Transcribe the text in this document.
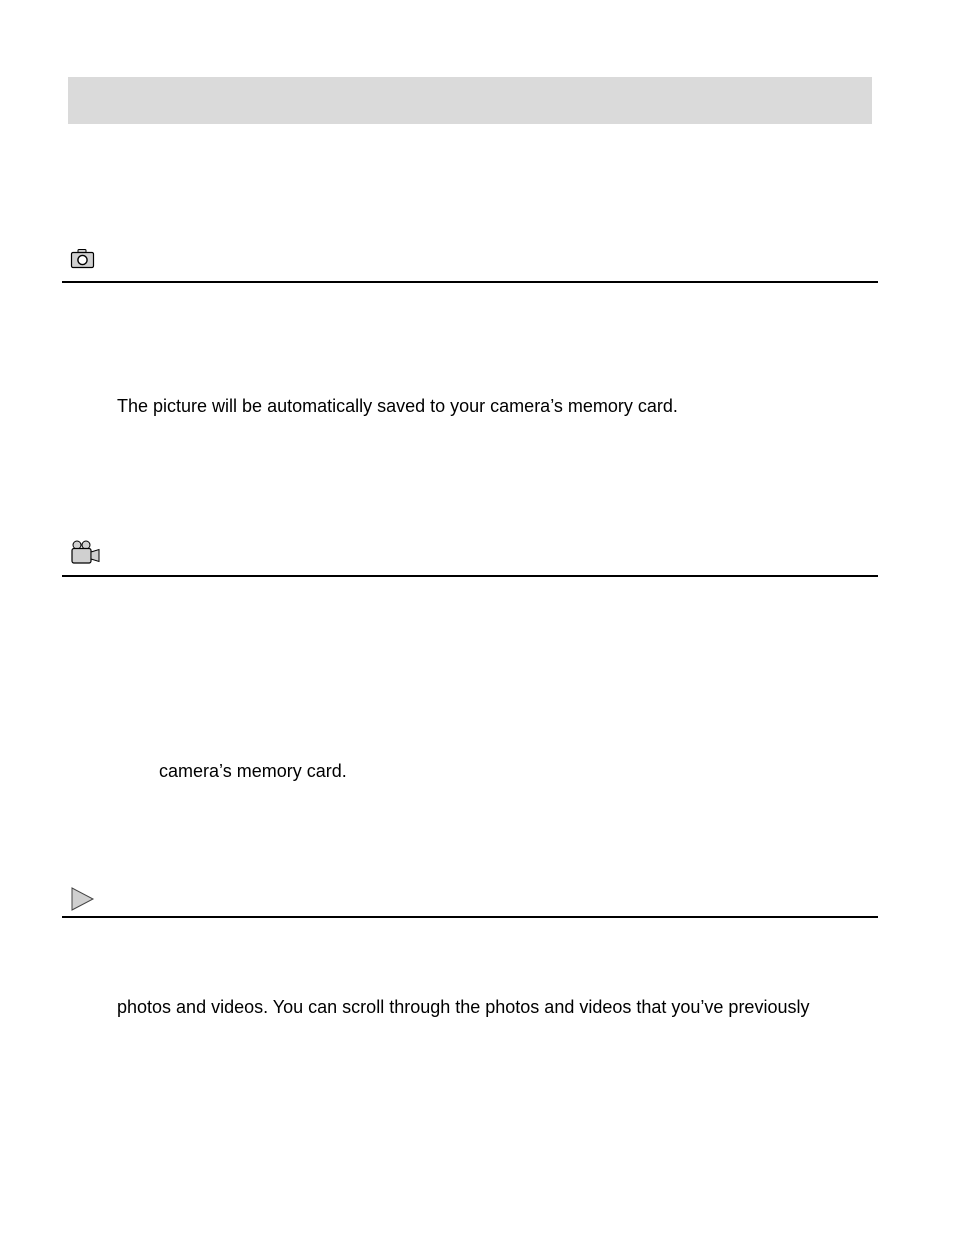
The picture will be automatically saved to your camera’s memory card.
camera’s memory card.
photos and videos. You can scroll through the photos and videos that you’ve previously
